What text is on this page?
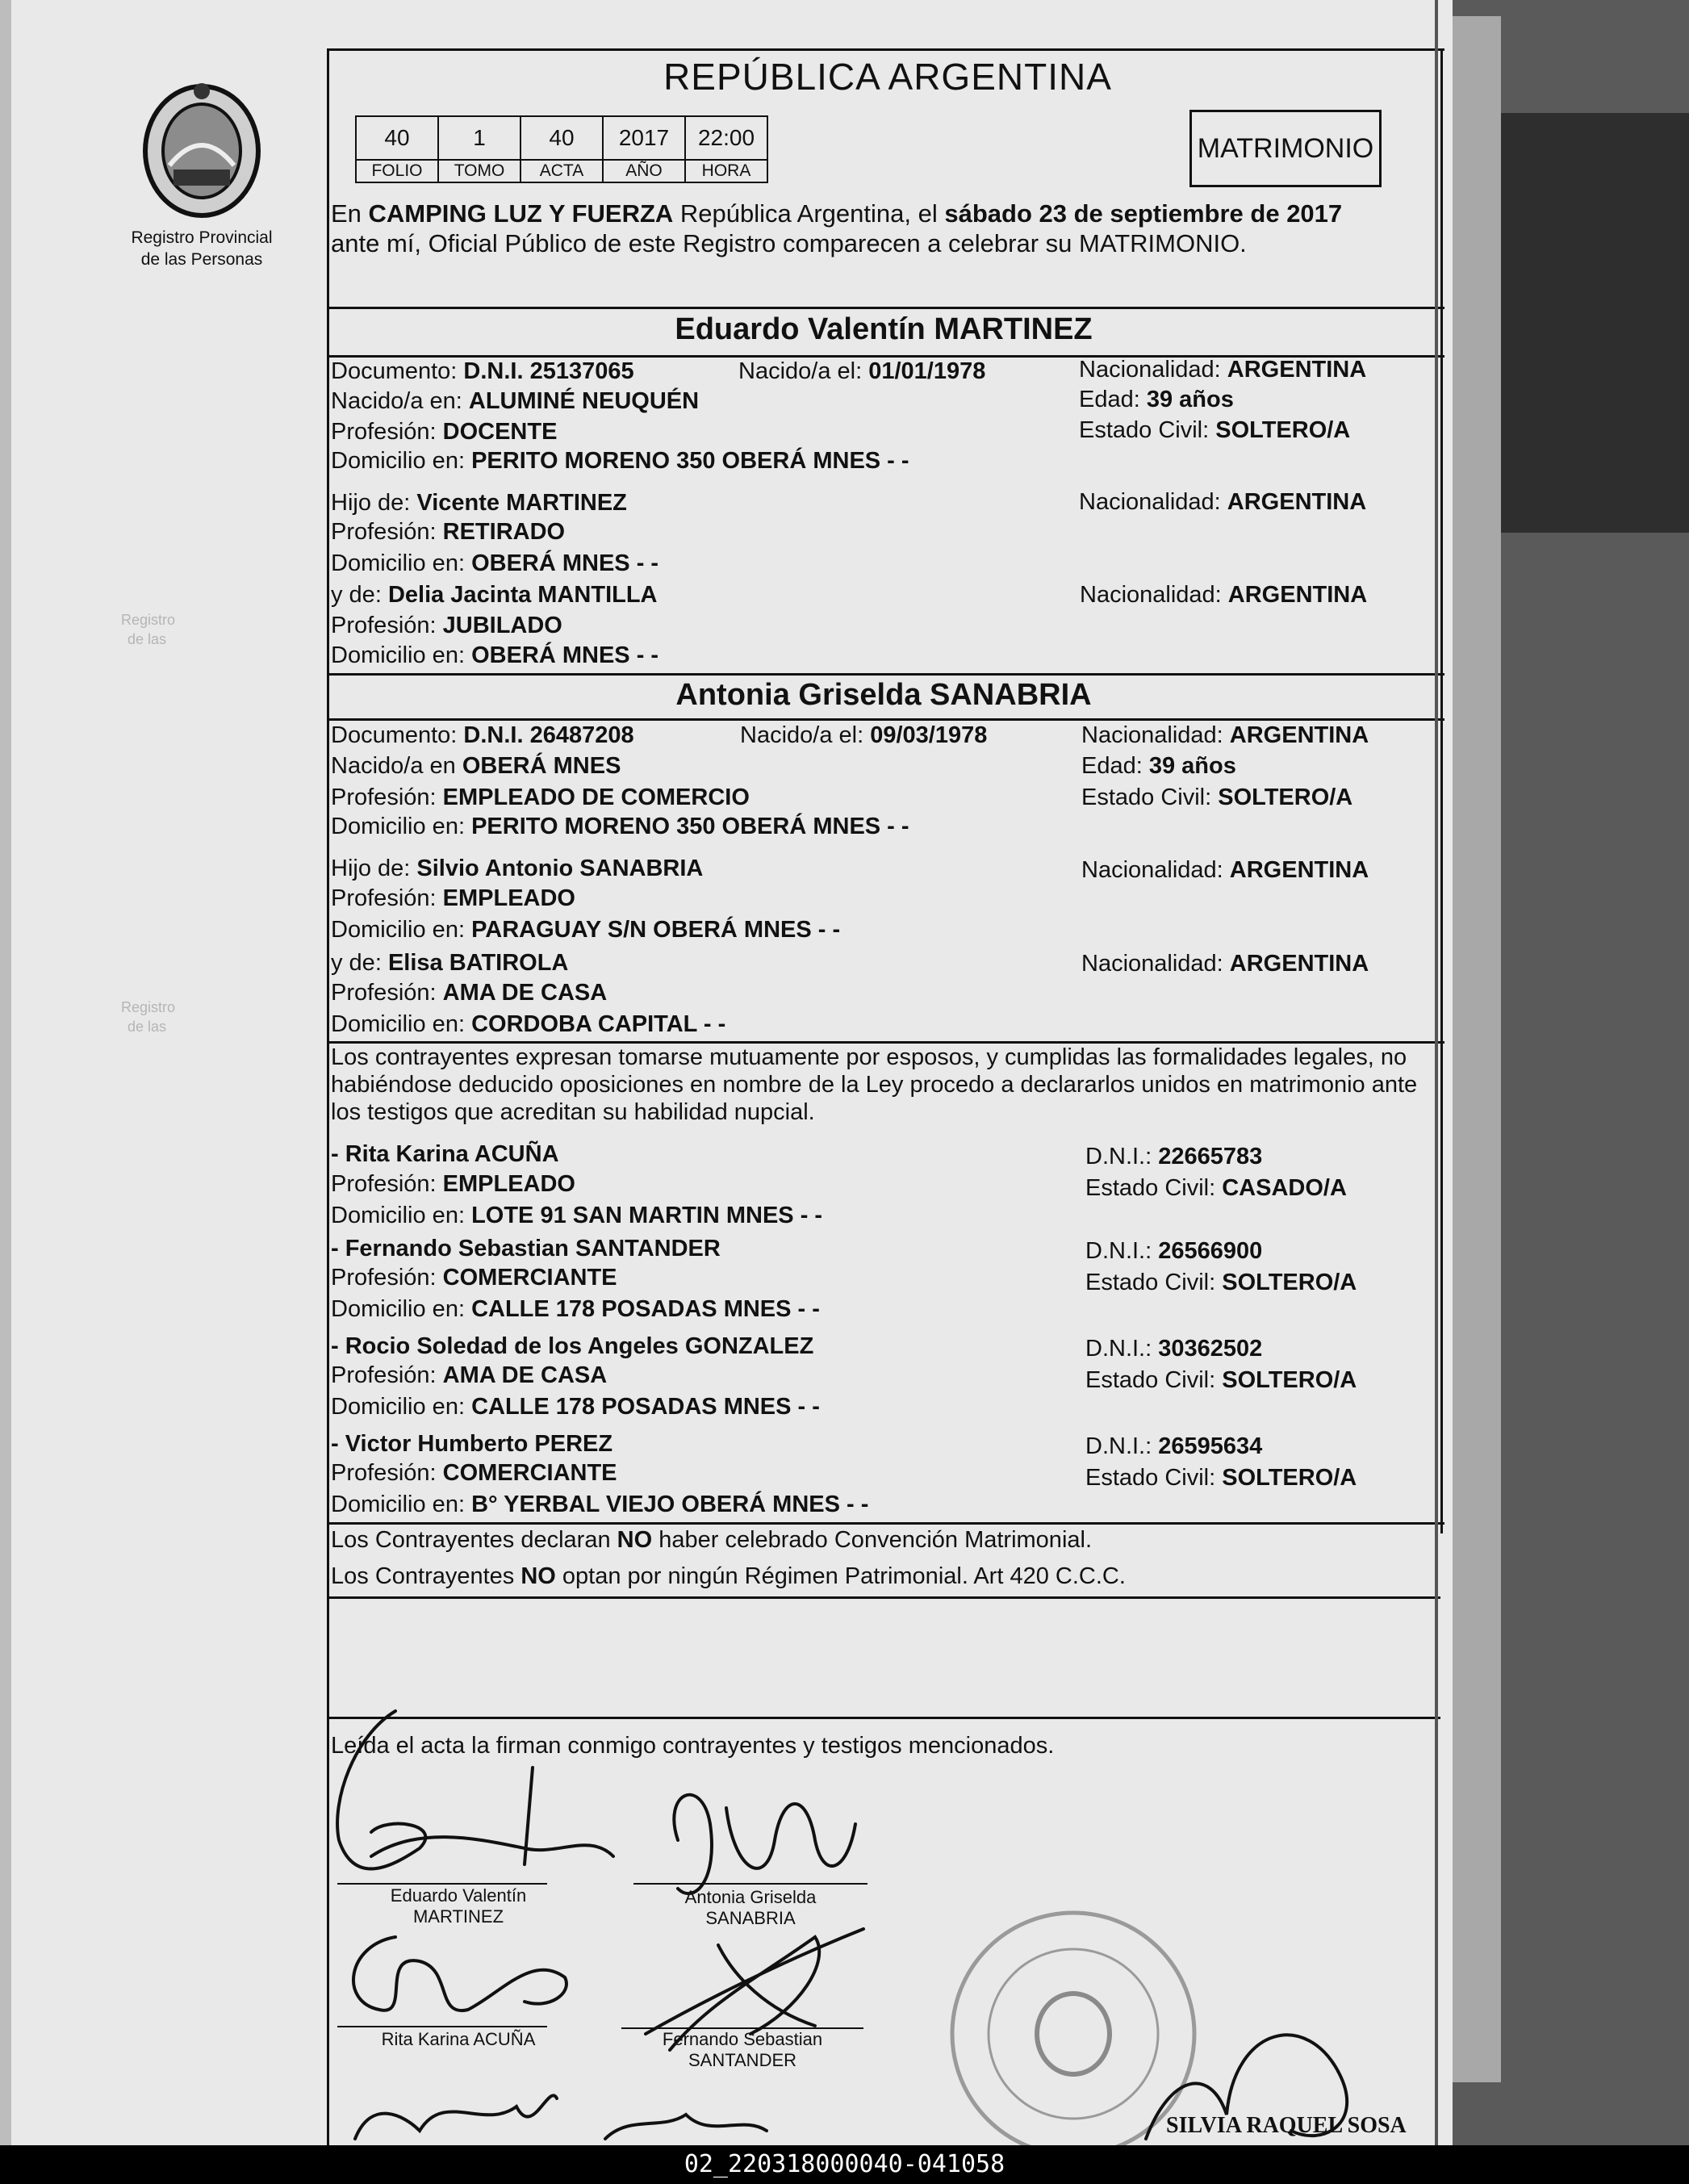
Registro Provincial
de las Personas
Registro
de las
Registro
de las
REPÚBLICA ARGENTINA
40	1	40	2017	22:00
FOLIO	TOMO	ACTA	AÑO	HORA
MATRIMONIO
En CAMPING LUZ Y FUERZA República Argentina, el sábado 23 de septiembre de 2017
ante mí, Oficial Público de este Registro comparecen a celebrar su MATRIMONIO.
Eduardo Valentín MARTINEZ
Documento: D.N.I. 25137065	Nacido/a el: 01/01/1978	Nacionalidad: ARGENTINA
Nacido/a en: ALUMINÉ NEUQUÉN	Edad: 39 años
Profesión: DOCENTE	Estado Civil: SOLTERO/A
Domicilio en: PERITO MORENO 350 OBERÁ MNES - -
Hijo de: Vicente MARTINEZ	Nacionalidad: ARGENTINA
Profesión: RETIRADO
Domicilio en: OBERÁ MNES - -
y de: Delia Jacinta MANTILLA	Nacionalidad: ARGENTINA
Profesión: JUBILADO
Domicilio en: OBERÁ MNES - -
Antonia Griselda SANABRIA
Documento: D.N.I. 26487208	Nacido/a el: 09/03/1978	Nacionalidad: ARGENTINA
Nacido/a en OBERÁ MNES	Edad: 39 años
Profesión: EMPLEADO DE COMERCIO	Estado Civil: SOLTERO/A
Domicilio en: PERITO MORENO 350 OBERÁ MNES - -
Hijo de: Silvio Antonio SANABRIA	Nacionalidad: ARGENTINA
Profesión: EMPLEADO
Domicilio en: PARAGUAY S/N OBERÁ MNES - -
y de: Elisa BATIROLA	Nacionalidad: ARGENTINA
Profesión: AMA DE CASA
Domicilio en: CORDOBA CAPITAL - -
Los contrayentes expresan tomarse mutuamente por esposos, y cumplidas las formalidades legales, no
habiéndose deducido oposiciones en nombre de la Ley procedo a declararlos unidos en matrimonio ante
los testigos que acreditan su habilidad nupcial.
- Rita Karina ACUÑA	D.N.I.: 22665783
Profesión: EMPLEADO	Estado Civil: CASADO/A
Domicilio en: LOTE 91 SAN MARTIN MNES - -
- Fernando Sebastian SANTANDER	D.N.I.: 26566900
Profesión: COMERCIANTE	Estado Civil: SOLTERO/A
Domicilio en: CALLE 178 POSADAS MNES - -
- Rocio Soledad de los Angeles GONZALEZ	D.N.I.: 30362502
Profesión: AMA DE CASA	Estado Civil: SOLTERO/A
Domicilio en: CALLE 178 POSADAS MNES - -
- Victor Humberto PEREZ	D.N.I.: 26595634
Profesión: COMERCIANTE	Estado Civil: SOLTERO/A
Domicilio en: B° YERBAL VIEJO OBERÁ MNES - -
Los Contrayentes declaran NO haber celebrado Convención Matrimonial.
Los Contrayentes NO optan por ningún Régimen Patrimonial. Art 420 C.C.C.
Leída el acta la firman conmigo contrayentes y testigos mencionados.
Eduardo Valentín
MARTINEZ
Antonia Griselda
SANABRIA
Rita Karina ACUÑA	Fernando Sebastian
SANTANDER
SILVIA RAQUEL SOSA
02_220318000040-041058
